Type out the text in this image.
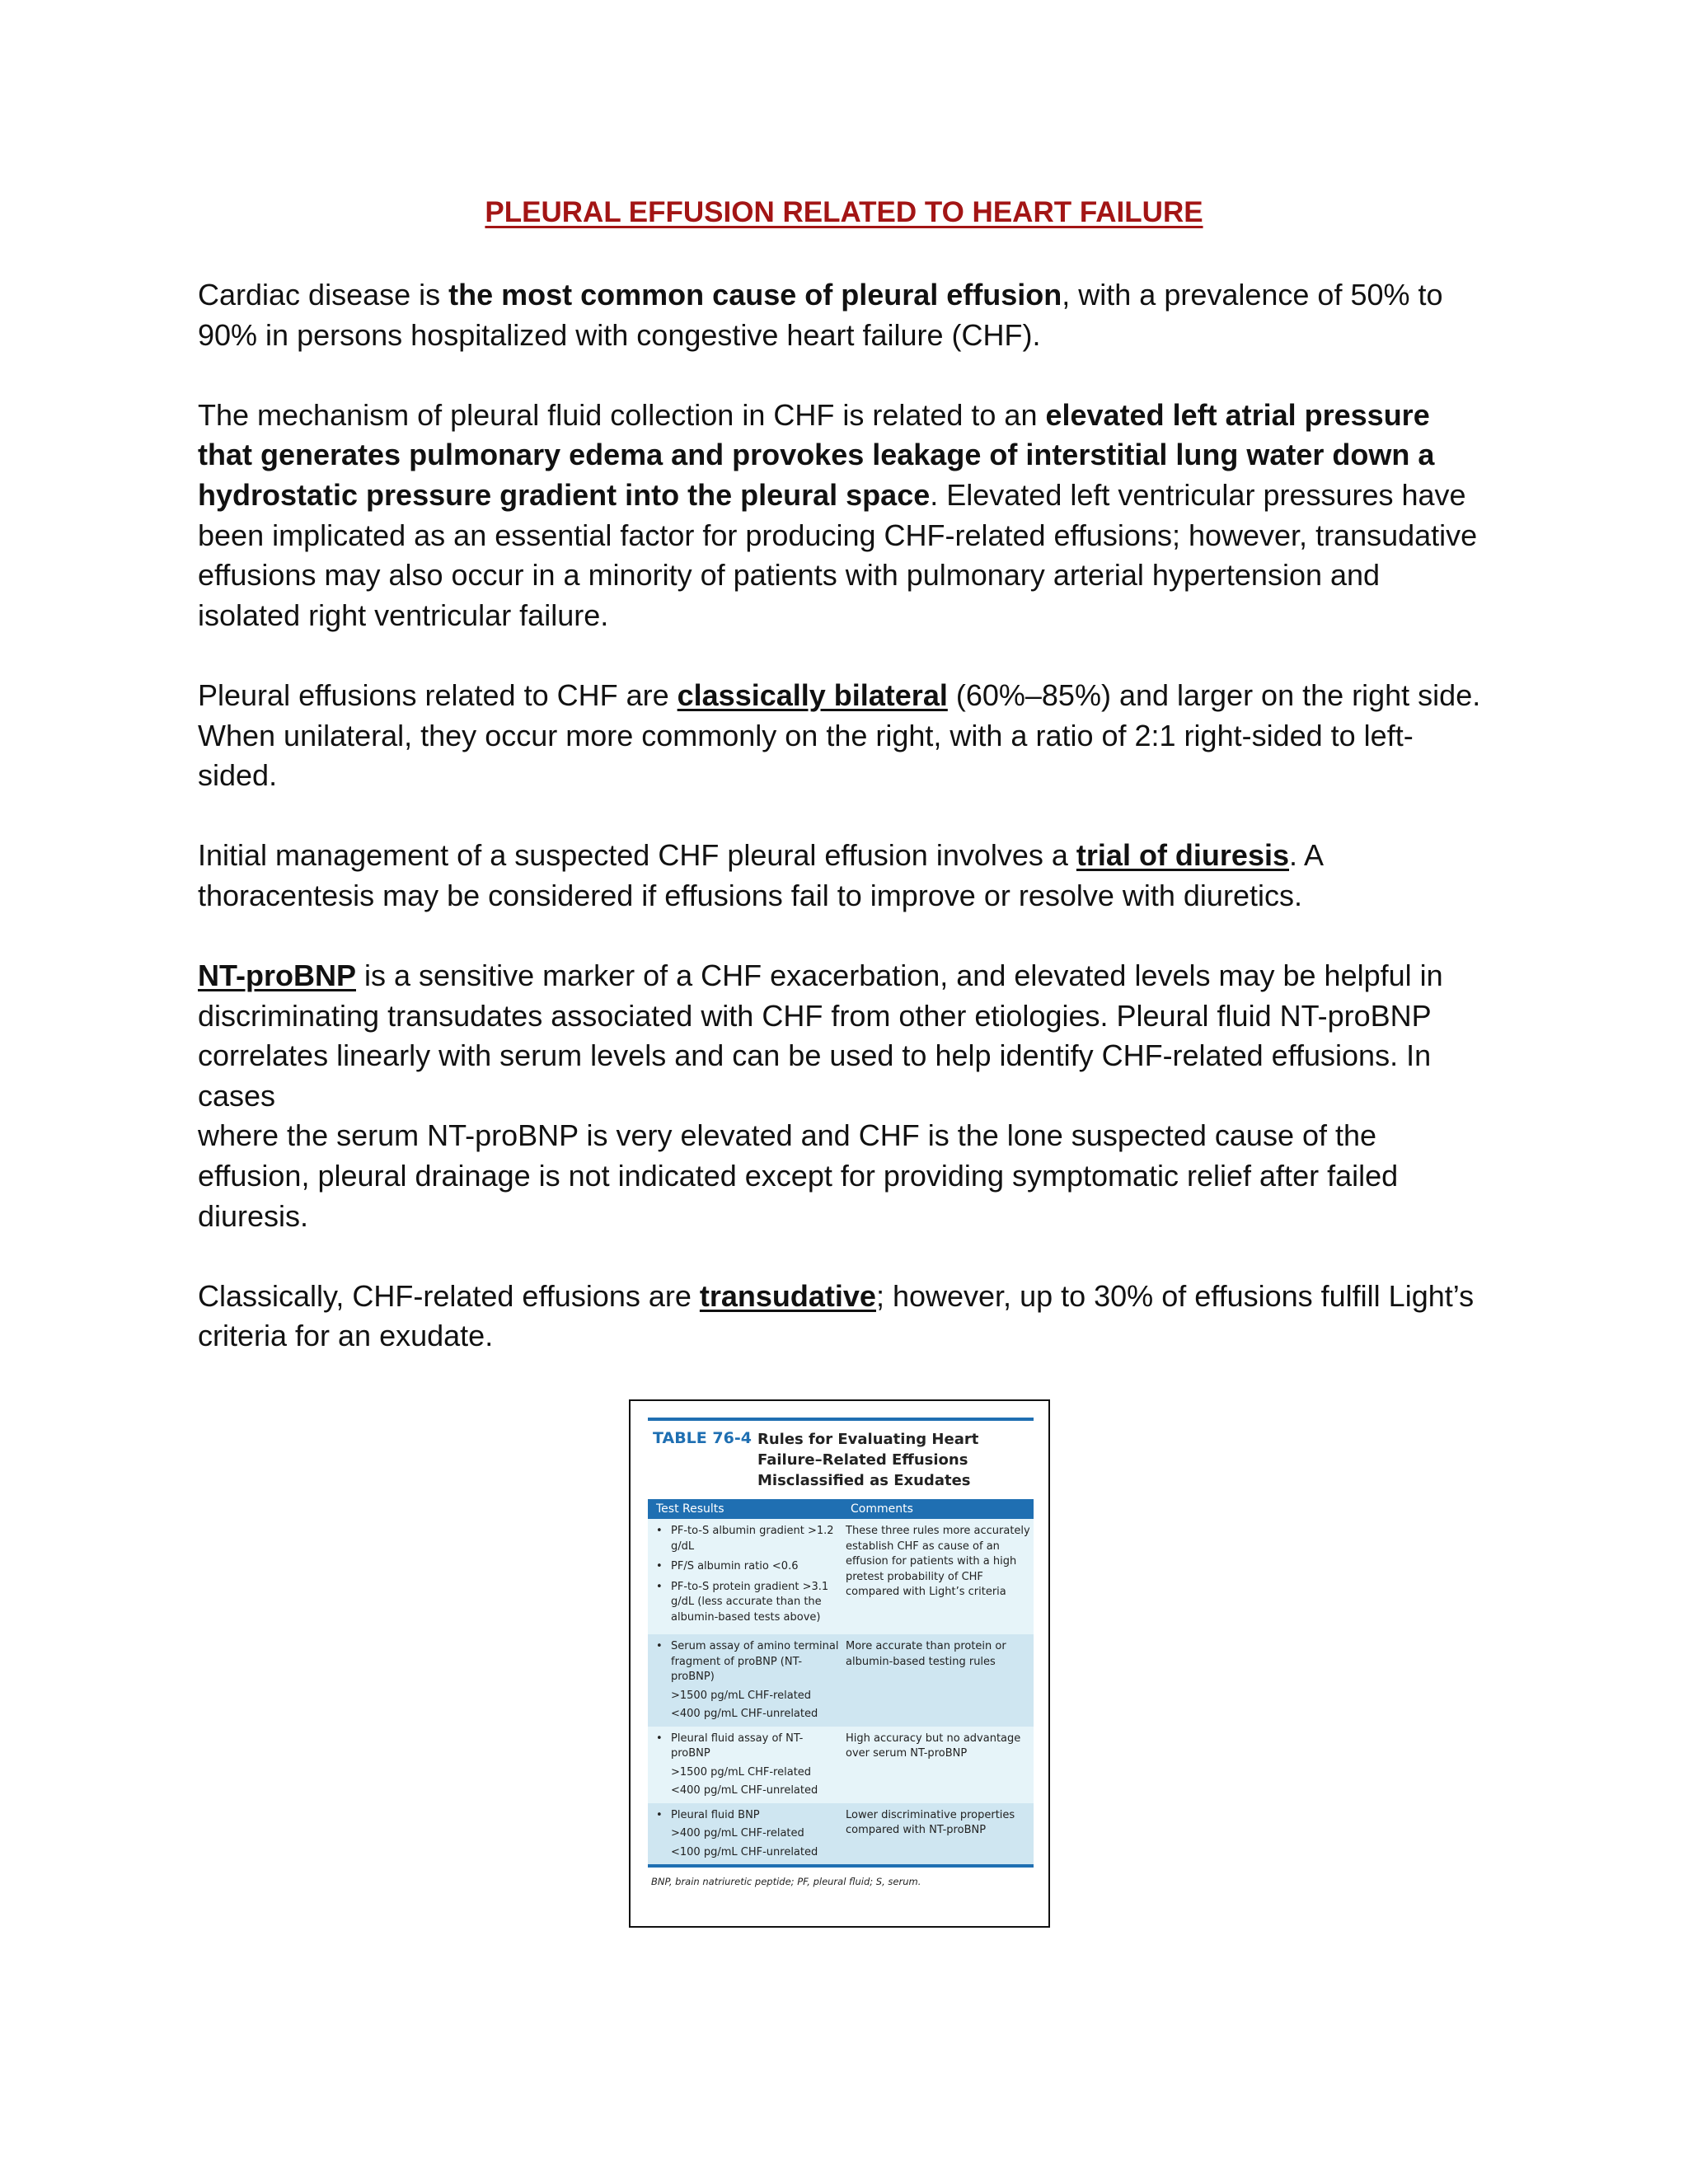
PLEURAL EFFUSION RELATED TO HEART FAILURE

Cardiac disease is the most common cause of pleural effusion, with a prevalence of 50% to 90% in persons hospitalized with congestive heart failure (CHF).

The mechanism of pleural fluid collection in CHF is related to an elevated left atrial pressure that generates pulmonary edema and provokes leakage of interstitial lung water down a hydrostatic pressure gradient into the pleural space. Elevated left ventricular pressures have been implicated as an essential factor for producing CHF-related effusions; however, transudative effusions may also occur in a minority of patients with pulmonary arterial hypertension and isolated right ventricular failure.

Pleural effusions related to CHF are classically bilateral (60%–85%) and larger on the right side. When unilateral, they occur more commonly on the right, with a ratio of 2:1 right-sided to left-sided.

Initial management of a suspected CHF pleural effusion involves a trial of diuresis. A thoracentesis may be considered if effusions fail to improve or resolve with diuretics.

NT-proBNP is a sensitive marker of a CHF exacerbation, and elevated levels may be helpful in discriminating transudates associated with CHF from other etiologies. Pleural fluid NT-proBNP correlates linearly with serum levels and can be used to help identify CHF-related effusions. In cases
where the serum NT-proBNP is very elevated and CHF is the lone suspected cause of the effusion, pleural drainage is not indicated except for providing symptomatic relief after failed diuresis.

Classically, CHF-related effusions are transudative; however, up to 30% of effusions fulfill Light’s criteria for an exudate.

TABLE 76-4 Rules for Evaluating Heart Failure–Related Effusions Misclassified as Exudates
Test Results	Comments
• PF-to-S albumin gradient >1.2 g/dL
• PF/S albumin ratio <0.6
• PF-to-S protein gradient >3.1 g/dL (less accurate than the albumin-based tests above)
These three rules more accurately establish CHF as cause of an effusion for patients with a high pretest probability of CHF compared with Light’s criteria
• Serum assay of amino terminal fragment of proBNP (NT-proBNP)
>1500 pg/mL CHF-related
<400 pg/mL CHF-unrelated
More accurate than protein or albumin-based testing rules
• Pleural fluid assay of NT-proBNP
>1500 pg/mL CHF-related
<400 pg/mL CHF-unrelated
High accuracy but no advantage over serum NT-proBNP
• Pleural fluid BNP
>400 pg/mL CHF-related
<100 pg/mL CHF-unrelated
Lower discriminative properties compared with NT-proBNP
BNP, brain natriuretic peptide; PF, pleural fluid; S, serum.
